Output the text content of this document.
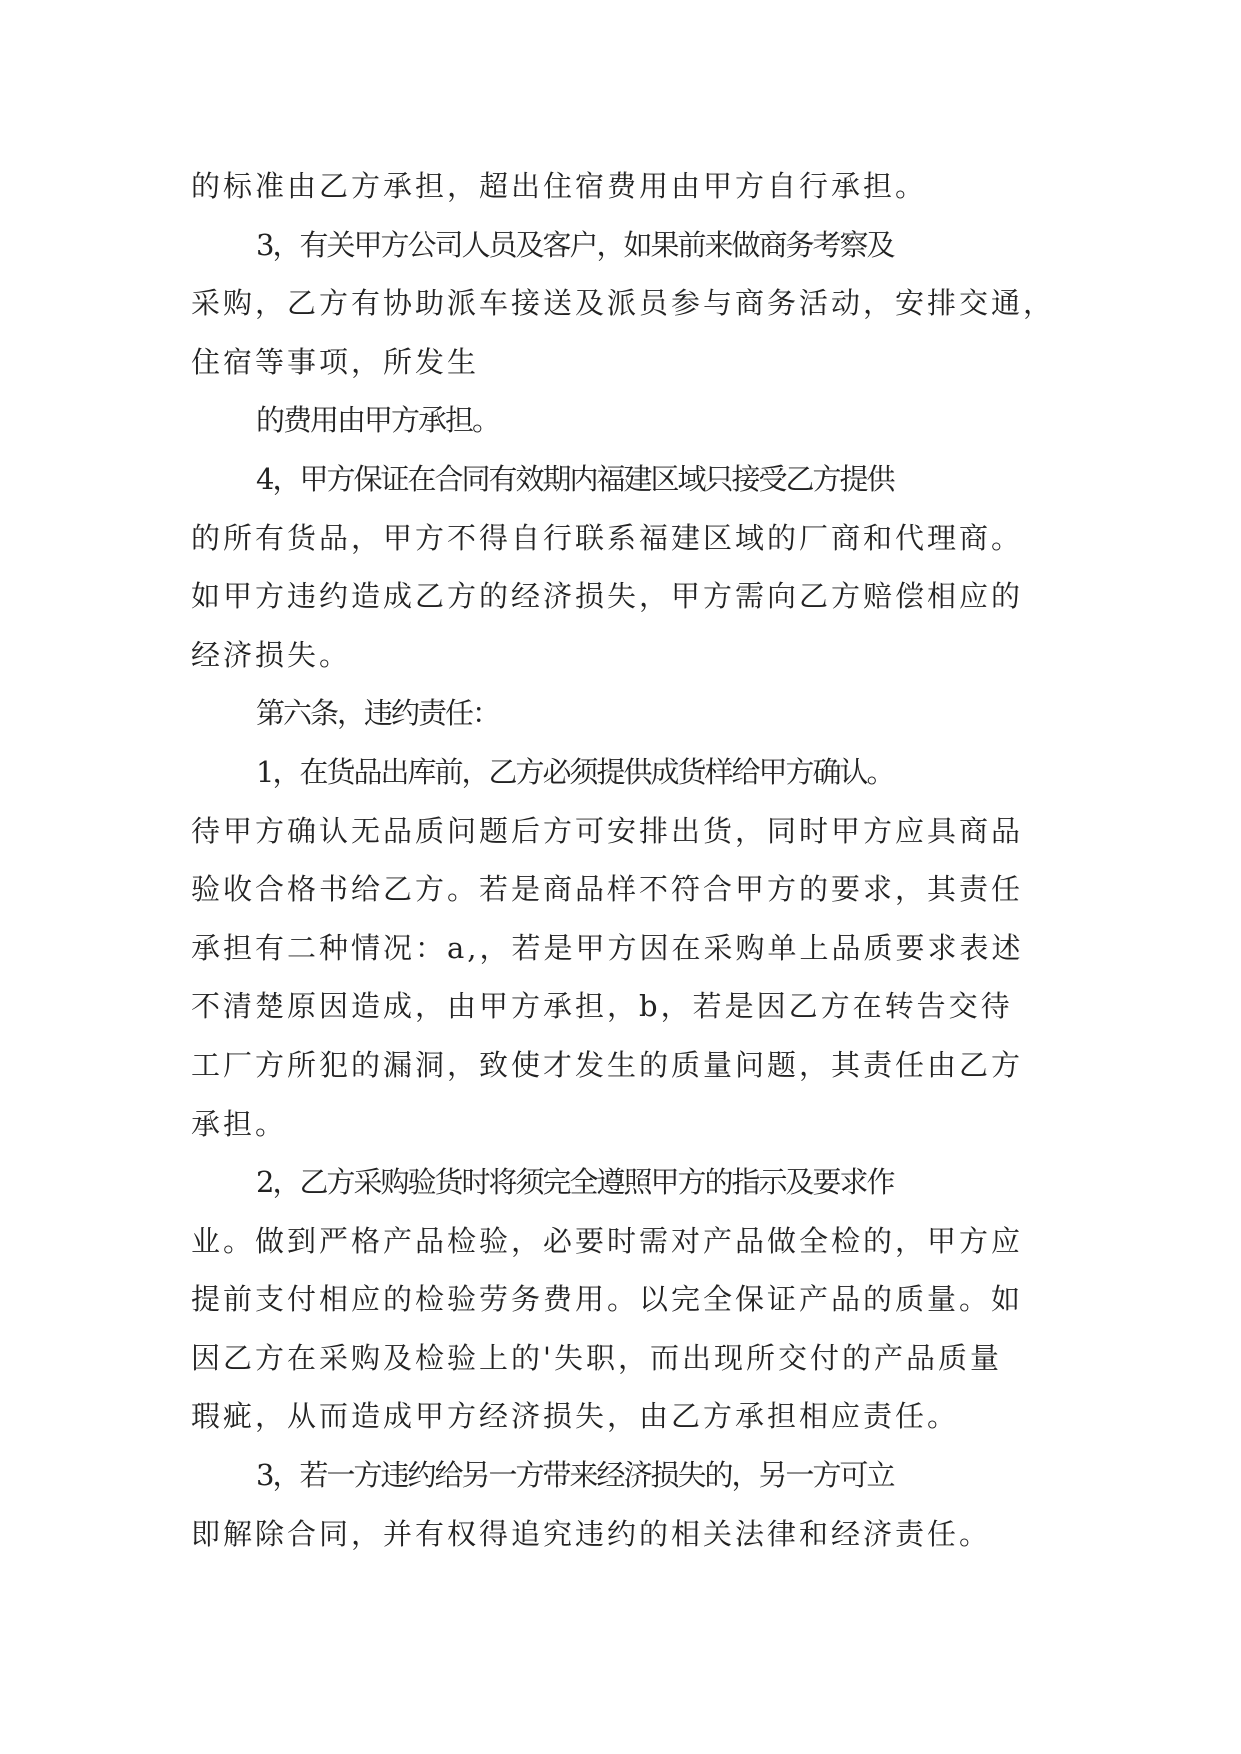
的标准由乙方承担，超出住宿费用由甲方自行承担。
3，有关甲方公司人员及客户，如果前来做商务考察及
采购，乙方有协助派车接送及派员参与商务活动，安排交通，
住宿等事项，所发生
的费用由甲方承担。
4，甲方保证在合同有效期内福建区域只接受乙方提供
的所有货品，甲方不得自行联系福建区域的厂商和代理商。
如甲方违约造成乙方的经济损失，甲方需向乙方赔偿相应的
经济损失。
第六条，违约责任：
1，在货品出库前，乙方必须提供成货样给甲方确认。
待甲方确认无品质问题后方可安排出货，同时甲方应具商品
验收合格书给乙方。若是商品样不符合甲方的要求，其责任
承担有二种情况：a,，若是甲方因在采购单上品质要求表述
不清楚原因造成，由甲方承担，b，若是因乙方在转告交待
工厂方所犯的漏洞，致使才发生的质量问题，其责任由乙方
承担。
2，乙方采购验货时将须完全遵照甲方的指示及要求作
业。做到严格产品检验，必要时需对产品做全检的，甲方应
提前支付相应的检验劳务费用。以完全保证产品的质量。如
因乙方在采购及检验上的'失职，而出现所交付的产品质量
瑕疵，从而造成甲方经济损失，由乙方承担相应责任。
3，若一方违约给另一方带来经济损失的，另一方可立
即解除合同，并有权得追究违约的相关法律和经济责任。
